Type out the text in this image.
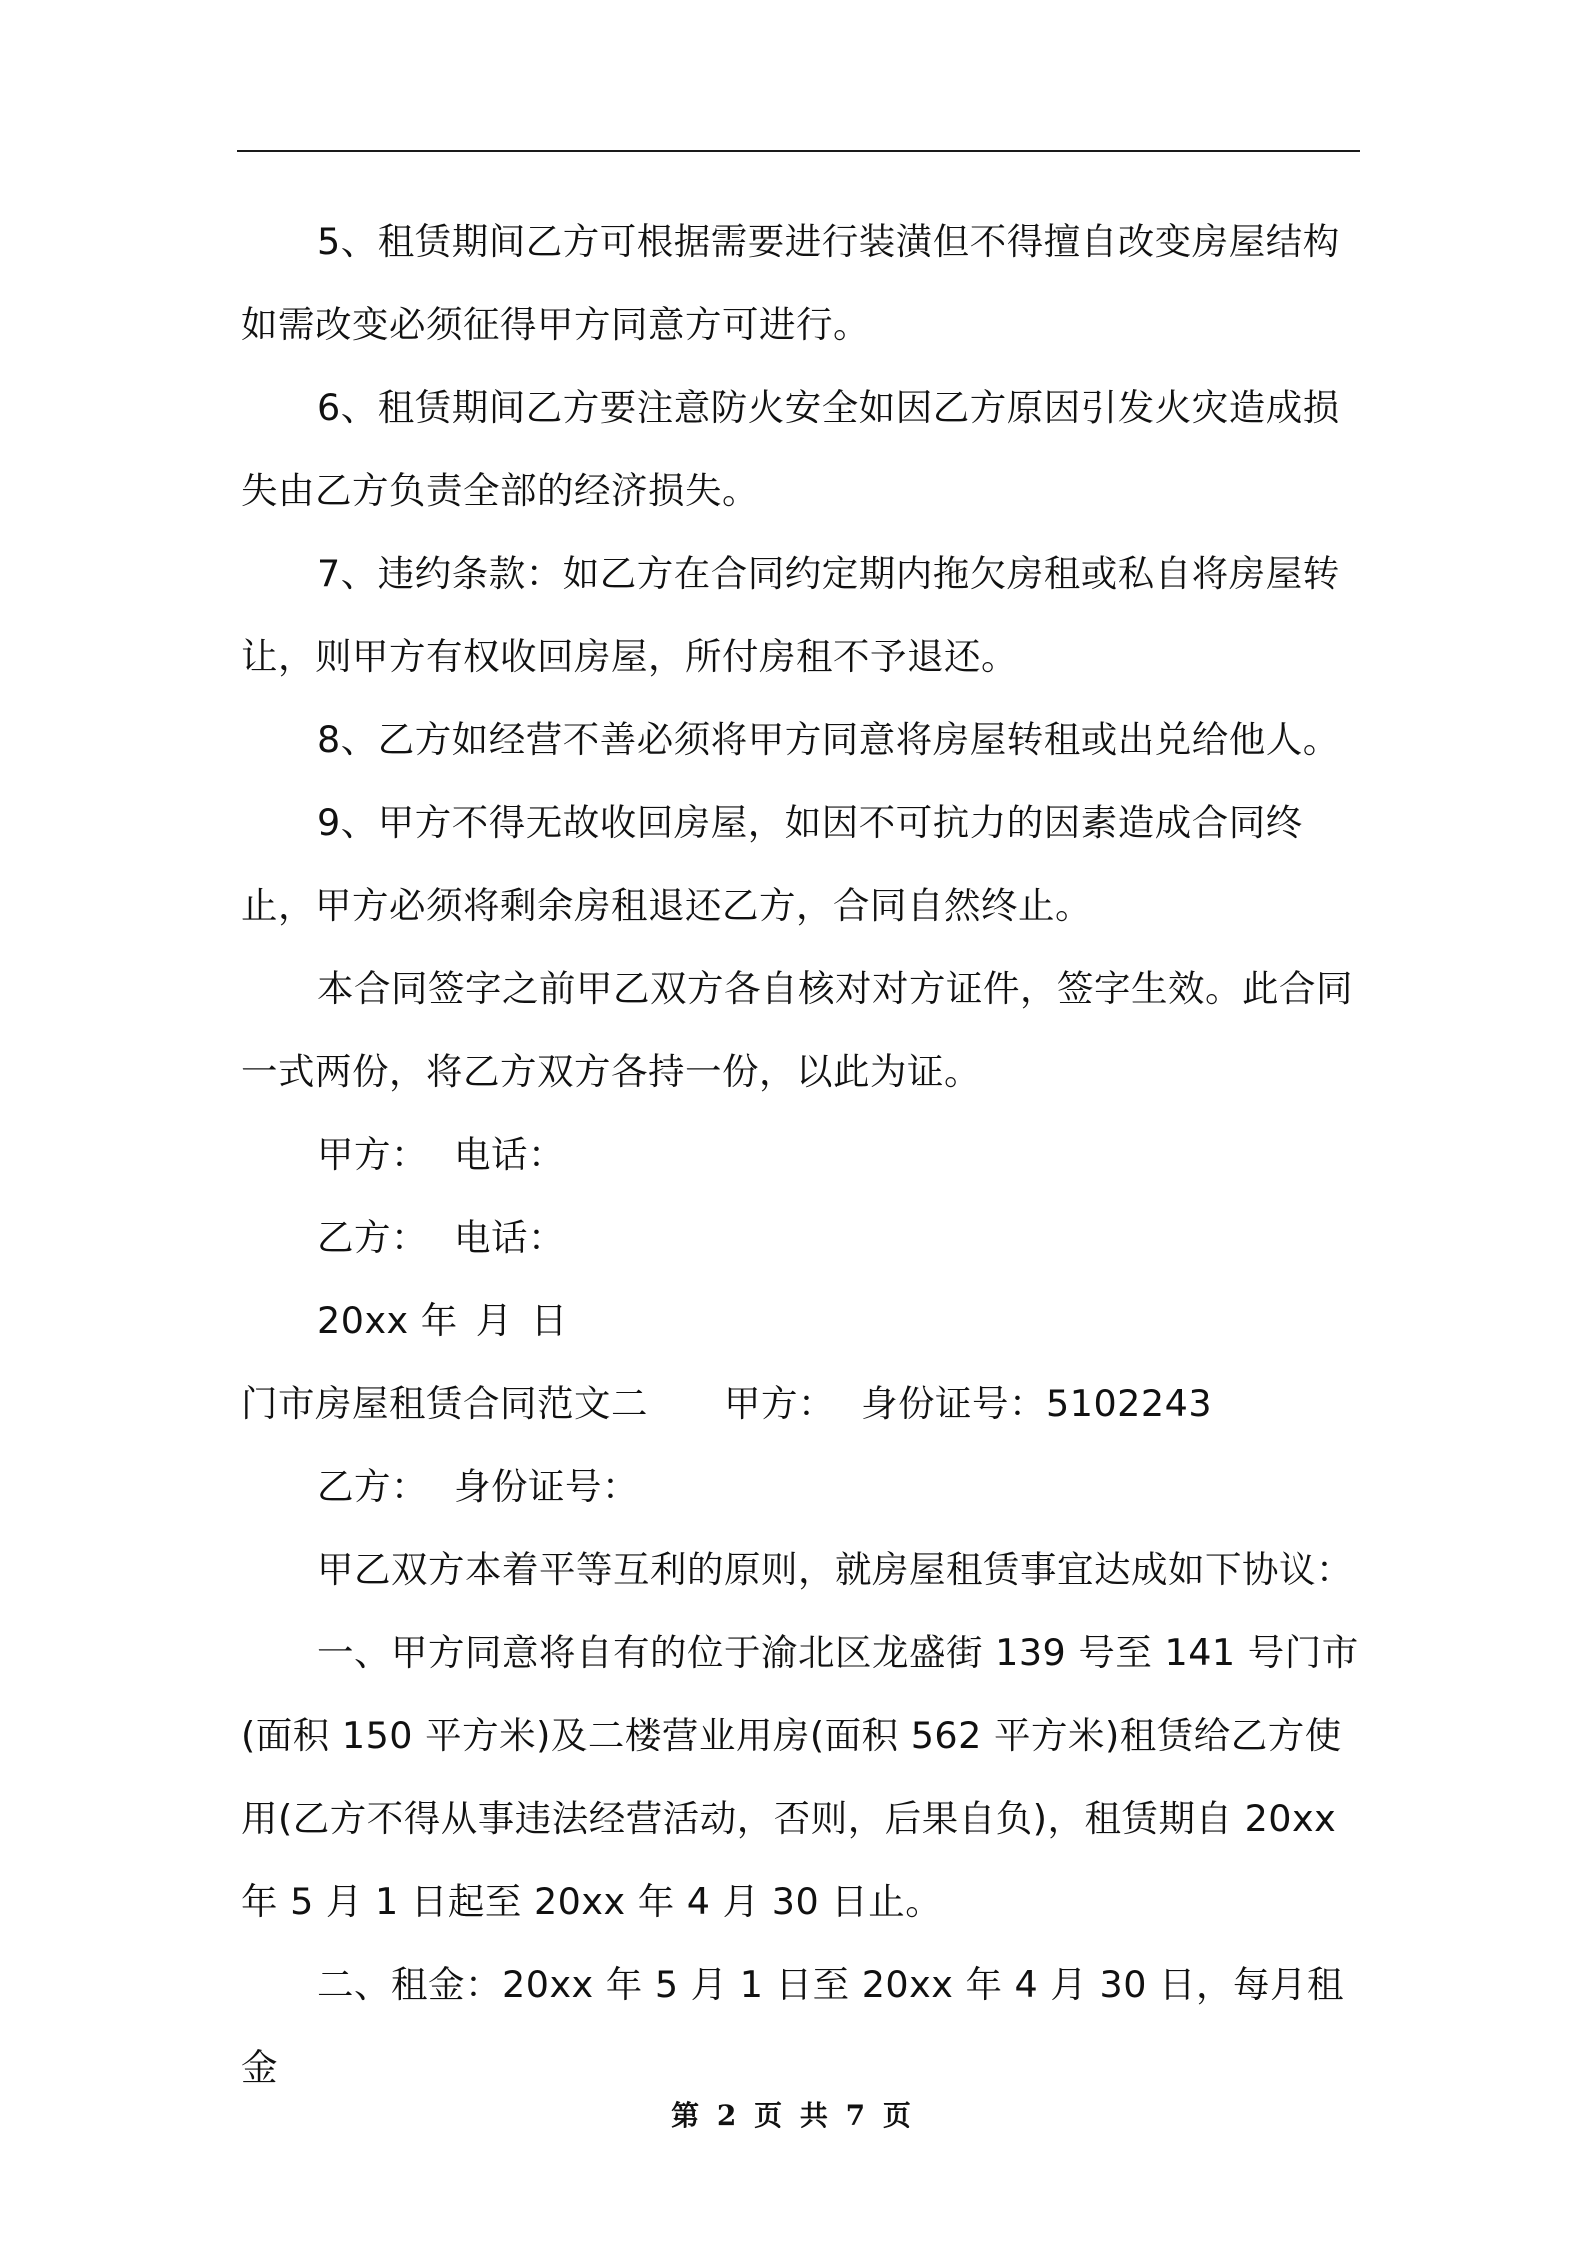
5、租赁期间乙方可根据需要进行装潢但不得擅自改变房屋结构如需改变必须征得甲方同意方可进行。

6、租赁期间乙方要注意防火安全如因乙方原因引发火灾造成损失由乙方负责全部的经济损失。

7、违约条款：如乙方在合同约定期内拖欠房租或私自将房屋转让，则甲方有权收回房屋，所付房租不予退还。

8、乙方如经营不善必须将甲方同意将房屋转租或出兑给他人。

9、甲方不得无故收回房屋，如因不可抗力的因素造成合同终止，甲方必须将剩余房租退还乙方，合同自然终止。

本合同签字之前甲乙双方各自核对对方证件，签字生效。此合同一式两份，将乙方双方各持一份，以此为证。

甲方： 电话：

乙方： 电话：

20xx 年 月 日

门市房屋租赁合同范文二 甲方： 身份证号：5102243

乙方： 身份证号：

甲乙双方本着平等互利的原则，就房屋租赁事宜达成如下协议：

一、甲方同意将自有的位于渝北区龙盛街 139 号至 141 号门市(面积 150 平方米)及二楼营业用房(面积 562 平方米)租赁给乙方使用(乙方不得从事违法经营活动，否则，后果自负)，租赁期自 20xx 年 5 月 1 日起至 20xx 年 4 月 30 日止。

二、租金：20xx 年 5 月 1 日至 20xx 年 4 月 30 日，每月租金

第 2 页 共 7 页
